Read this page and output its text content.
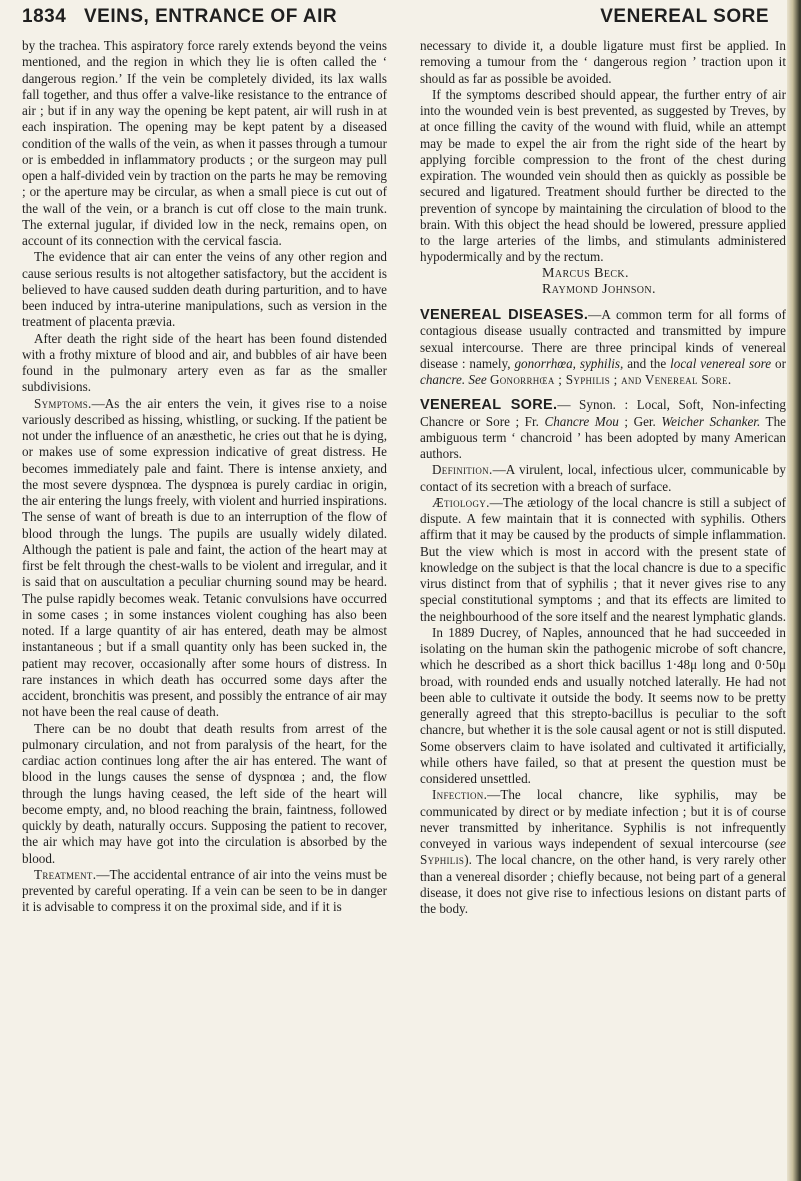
1834 VEINS, ENTRANCE OF AIR	VENEREAL SORE

by the trachea. This aspiratory force rarely extends beyond the veins mentioned, and the region in which they lie is often called the ‘ dangerous region.’ If the vein be completely divided, its lax walls fall together, and thus offer a valve-like resistance to the entrance of air ; but if in any way the opening be kept patent, air will rush in at each inspiration. The opening may be kept patent by a diseased condition of the walls of the vein, as when it passes through a tumour or is embedded in inflammatory products ; or the surgeon may pull open a half-divided vein by traction on the parts he may be removing ; or the aperture may be circular, as when a small piece is cut out of the wall of the vein, or a branch is cut off close to the main trunk. The external jugular, if divided low in the neck, remains open, on account of its connection with the cervical fascia.

The evidence that air can enter the veins of any other region and cause serious results is not altogether satisfactory, but the accident is believed to have caused sudden death during parturition, and to have been induced by intra-uterine manipulations, such as version in the treatment of placenta prævia.

After death the right side of the heart has been found distended with a frothy mixture of blood and air, and bubbles of air have been found in the pulmonary artery even as far as the smaller subdivisions.

Symptoms.—As the air enters the vein, it gives rise to a noise variously described as hissing, whistling, or sucking. If the patient be not under the influence of an anæsthetic, he cries out that he is dying, or makes use of some expression indicative of great distress. He becomes immediately pale and faint. There is intense anxiety, and the most severe dyspnœa. The dyspnœa is purely cardiac in origin, the air entering the lungs freely, with violent and hurried inspirations. The sense of want of breath is due to an interruption of the flow of blood through the lungs. The pupils are usually widely dilated. Although the patient is pale and faint, the action of the heart may at first be felt through the chest-walls to be violent and irregular, and it is said that on auscultation a peculiar churning sound may be heard. The pulse rapidly becomes weak. Tetanic convulsions have occurred in some cases ; in some instances violent coughing has also been noted. If a large quantity of air has entered, death may be almost instantaneous ; but if a small quantity only has been sucked in, the patient may recover, occasionally after some hours of distress. In rare instances in which death has occurred some days after the accident, bronchitis was present, and possibly the entrance of air may not have been the real cause of death.

There can be no doubt that death results from arrest of the pulmonary circulation, and not from paralysis of the heart, for the cardiac action continues long after the air has entered. The want of blood in the lungs causes the sense of dyspnœa ; and, the flow through the lungs having ceased, the left side of the heart will become empty, and, no blood reaching the brain, faintness, followed quickly by death, naturally occurs. Supposing the patient to recover, the air which may have got into the circulation is absorbed by the blood.

Treatment.—The accidental entrance of air into the veins must be prevented by careful operating. If a vein can be seen to be in danger it is advisable to compress it on the proximal side, and if it is

necessary to divide it, a double ligature must first be applied. In removing a tumour from the ‘ dangerous region ’ traction upon it should as far as possible be avoided.

If the symptoms described should appear, the further entry of air into the wounded vein is best prevented, as suggested by Treves, by at once filling the cavity of the wound with fluid, while an attempt may be made to expel the air from the right side of the heart by applying forcible compression to the front of the chest during expiration. The wounded vein should then as quickly as possible be secured and ligatured. Treatment should further be directed to the prevention of syncope by maintaining the circulation of blood to the brain. With this object the head should be lowered, pressure applied to the large arteries of the limbs, and stimulants administered hypodermically and by the rectum.

Marcus Beck.

Raymond Johnson.

VENEREAL DISEASES.—A common term for all forms of contagious disease usually contracted and transmitted by impure sexual intercourse. There are three principal kinds of venereal disease : namely, gonorrhœa, syphilis, and the local venereal sore or chancre. See Gonorrhœa ; Syphilis ; and Venereal Sore.

VENEREAL SORE.— Synon. : Local, Soft, Non-infecting Chancre or Sore ; Fr. Chancre Mou ; Ger. Weicher Schanker. The ambiguous term ‘ chancroid ’ has been adopted by many American authors.

Definition.—A virulent, local, infectious ulcer, communicable by contact of its secretion with a breach of surface.

Ætiology.—The ætiology of the local chancre is still a subject of dispute. A few maintain that it is connected with syphilis. Others affirm that it may be caused by the products of simple inflammation. But the view which is most in accord with the present state of knowledge on the subject is that the local chancre is due to a specific virus distinct from that of syphilis ; that it never gives rise to any special constitutional symptoms ; and that its effects are limited to the neighbourhood of the sore itself and the nearest lymphatic glands.

In 1889 Ducrey, of Naples, announced that he had succeeded in isolating on the human skin the pathogenic microbe of soft chancre, which he described as a short thick bacillus 1·48μ long and 0·50μ broad, with rounded ends and usually notched laterally. He had not been able to cultivate it outside the body. It seems now to be pretty generally agreed that this strepto-bacillus is peculiar to the soft chancre, but whether it is the sole causal agent or not is still disputed. Some observers claim to have isolated and cultivated it artificially, while others have failed, so that at present the question must be considered unsettled.

Infection.—The local chancre, like syphilis, may be communicated by direct or by mediate infection ; but it is of course never transmitted by inheritance. Syphilis is not infrequently conveyed in various ways independent of sexual intercourse (see Syphilis). The local chancre, on the other hand, is very rarely other than a venereal disorder ; chiefly because, not being part of a general disease, it does not give rise to infectious lesions on distant parts of the body.
